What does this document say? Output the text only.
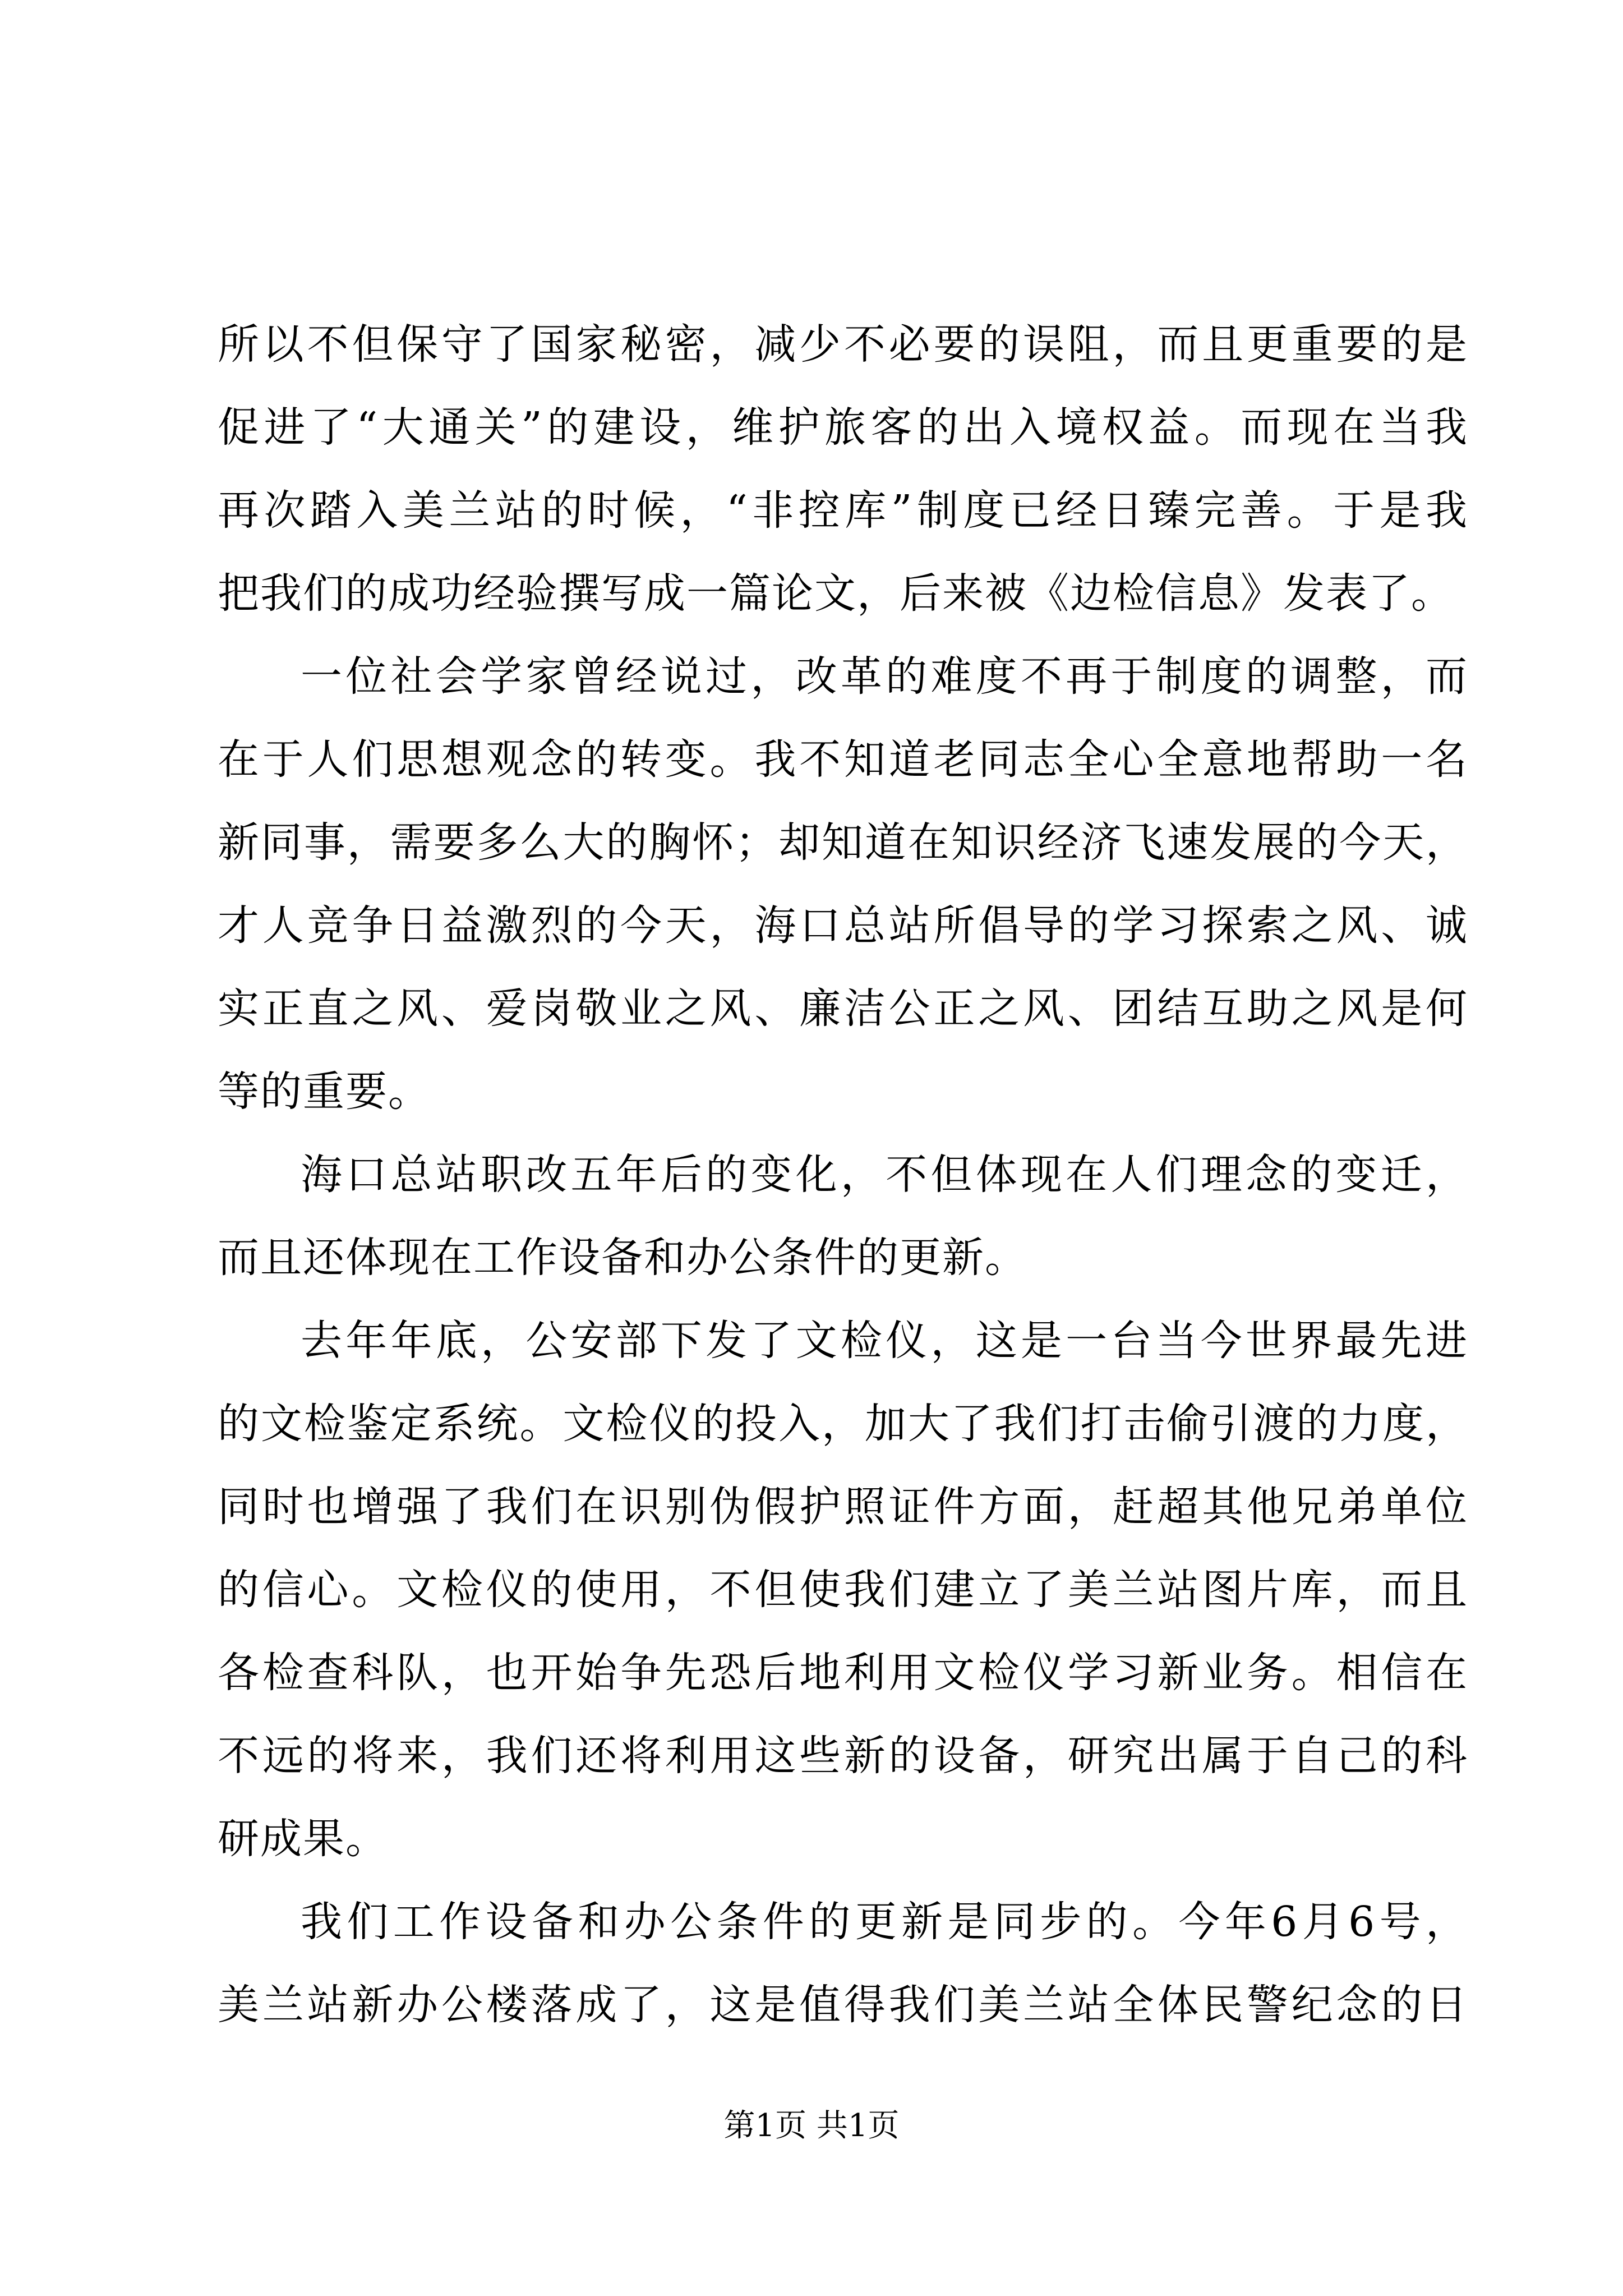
所以不但保守了国家秘密，减少不必要的误阻，而且更重要的是
促进了“大通关”的建设，维护旅客的出入境权益。而现在当我
再次踏入美兰站的时候，“非控库”制度已经日臻完善。于是我
把我们的成功经验撰写成一篇论文，后来被《边检信息》发表了。
一位社会学家曾经说过，改革的难度不再于制度的调整，而
在于人们思想观念的转变。我不知道老同志全心全意地帮助一名
新同事，需要多么大的胸怀；却知道在知识经济飞速发展的今天，
才人竞争日益激烈的今天，海口总站所倡导的学习探索之风、诚
实正直之风、爱岗敬业之风、廉洁公正之风、团结互助之风是何
等的重要。
海口总站职改五年后的变化，不但体现在人们理念的变迁，
而且还体现在工作设备和办公条件的更新。
去年年底，公安部下发了文检仪，这是一台当今世界最先进
的文检鉴定系统。文检仪的投入，加大了我们打击偷引渡的力度，
同时也增强了我们在识别伪假护照证件方面，赶超其他兄弟单位
的信心。文检仪的使用，不但使我们建立了美兰站图片库，而且
各检查科队，也开始争先恐后地利用文检仪学习新业务。相信在
不远的将来，我们还将利用这些新的设备，研究出属于自己的科
研成果。
我们工作设备和办公条件的更新是同步的。今年6月6号，
美兰站新办公楼落成了，这是值得我们美兰站全体民警纪念的日
第1页 共1页
